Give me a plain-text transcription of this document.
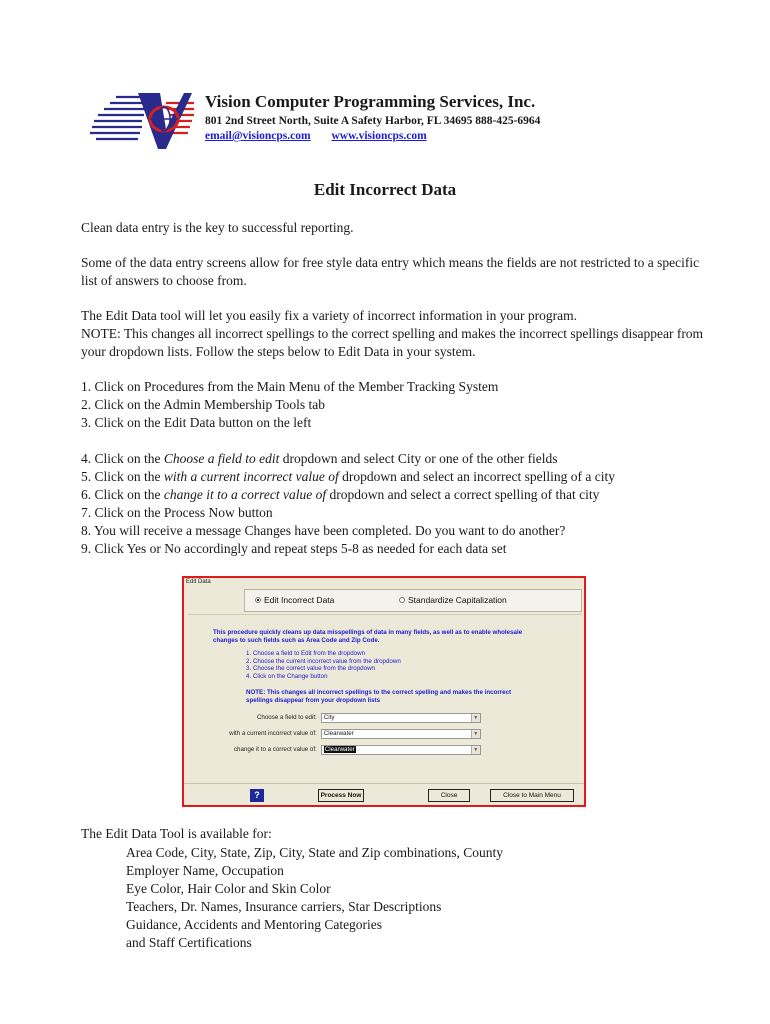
Vision Computer Programming Services, Inc.
801 2nd Street North, Suite A Safety Harbor, FL 34695 888-425-6964
email@visioncps.com www.visioncps.com
Edit Incorrect Data
Clean data entry is the key to successful reporting.
Some of the data entry screens allow for free style data entry which means the fields are not restricted to a specific list of answers to choose from.
The Edit Data tool will let you easily fix a variety of incorrect information in your program.
NOTE: This changes all incorrect spellings to the correct spelling and makes the incorrect spellings disappear from your dropdown lists. Follow the steps below to Edit Data in your system.
1. Click on Procedures from the Main Menu of the Member Tracking System
2. Click on the Admin Membership Tools tab
3. Click on the Edit Data button on the left
4. Click on the Choose a field to edit dropdown and select City or one of the other fields
5. Click on the with a current incorrect value of dropdown and select an incorrect spelling of a city
6. Click on the change it to a correct value of dropdown and select a correct spelling of that city
7. Click on the Process Now button
8. You will receive a message Changes have been completed. Do you want to do another?
9. Click Yes or No accordingly and repeat steps 5-8 as needed for each data set
Edit Data
Edit Incorrect Data	Standardize Capitalization
This procedure quickly cleans up data misspellings of data in many fields, as well as to enable wholesale changes to such fields such as Area Code and Zip Code.
1. Choose a field to Edit from the dropdown
2. Choose the current incorrect value from the dropdown
3. Choose the correct value from the dropdown
4. Click on the Change button
NOTE: This changes all incorrect spellings to the correct spelling and makes the incorrect spellings disappear from your dropdown lists
Choose a field to edit:	City	▼
with a current incorrect value of:	Clearwater	▼
change it to a correct value of:	Clearwater	▼
?	Process Now	Close	Close to Main Menu
The Edit Data Tool is available for:
Area Code, City, State, Zip, City, State and Zip combinations, County
Employer Name, Occupation
Eye Color, Hair Color and Skin Color
Teachers, Dr. Names, Insurance carriers, Star Descriptions
Guidance, Accidents and Mentoring Categories
and Staff Certifications
